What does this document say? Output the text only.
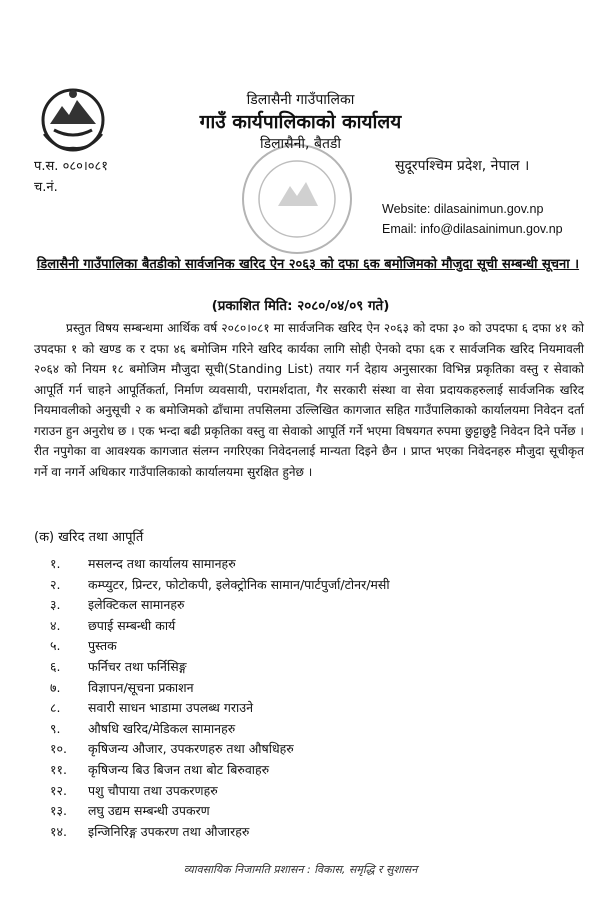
डिलासैनी गाउँपालिका
गाउँ कार्यपालिकाको कार्यालय
डिलासैनी, बैतडी
प.स. ०८०।०८१
च.नं.
सुदूरपश्चिम प्रदेश, नेपाल ।
Website: dilasainimun.gov.np
Email: info@dilasainimun.gov.np
डिलासैनी गाउँपालिका बैतडीको सार्वजनिक खरिद ऐन २०६३ को दफा ६क बमोजिमको मौजुदा सूची सम्बन्धी सूचना ।
(प्रकाशित मिति: २०८०/०४/०९ गते)
प्रस्तुत विषय सम्बन्धमा आर्थिक वर्ष २०८०।०८१ मा सार्वजनिक खरिद ऐन २०६३ को दफा ३० को उपदफा ६ दफा ४१ को उपदफा १ को खण्ड क र दफा ४६ बमोजिम गरिने खरिद कार्यका लागि सोही ऐनको दफा ६क र सार्वजनिक खरिद नियमावली २०६४ को नियम १८ बमोजिम मौजुदा सूची(Standing List) तयार गर्न देहाय अनुसारका विभिन्न प्रकृतिका वस्तु र सेवाको आपूर्ति गर्न चाहने आपूर्तिकर्ता, निर्माण व्यवसायी, परामर्शदाता, गैर सरकारी संस्था वा सेवा प्रदायकहरुलाई सार्वजनिक खरिद नियमावलीको अनुसूची २ क बमोजिमको ढाँचामा तपसिलमा उल्लिखित कागजात सहित गाउँपालिकाको कार्यालयमा निवेदन दर्ता गराउन हुन अनुरोध छ । एक भन्दा बढी प्रकृतिका वस्तु वा सेवाको आपूर्ति गर्ने भएमा विषयगत रुपमा छुट्टाछुट्टै निवेदन दिने पर्नेछ । रीत नपुगेका वा आवश्यक कागजात संलग्न नगरिएका निवेदनलाई मान्यता दिइने छैन । प्राप्त भएका निवेदनहरु मौजुदा सूचीकृत गर्ने वा नगर्ने अधिकार गाउँपालिकाको कार्यालयमा सुरक्षित हुनेछ ।
(क) खरिद तथा आपूर्ति
१.	मसलन्द तथा कार्यालय सामानहरु
२.	कम्प्युटर, प्रिन्टर, फोटोकपी, इलेक्ट्रोनिक सामान/पार्टपुर्जा/टोनर/मसी
३.	इलेक्टिकल सामानहरु
४.	छपाई सम्बन्धी कार्य
५.	पुस्तक
६.	फर्निचर तथा फर्निसिङ्ग
७.	विज्ञापन/सूचना प्रकाशन
८.	सवारी साधन भाडामा उपलब्ध गराउने
९.	औषधि खरिद/मेडिकल सामानहरु
१०.	कृषिजन्य औजार, उपकरणहरु तथा औषधिहरु
११.	कृषिजन्य बिउ बिजन तथा बोट बिरुवाहरु
१२.	पशु चौपाया तथा उपकरणहरु
१३.	लघु उद्यम सम्बन्धी उपकरण
१४.	इन्जिनिरिङ्ग उपकरण तथा औजारहरु
व्यावसायिक निजामति प्रशासन : विकास, समृद्धि र सुशासन
